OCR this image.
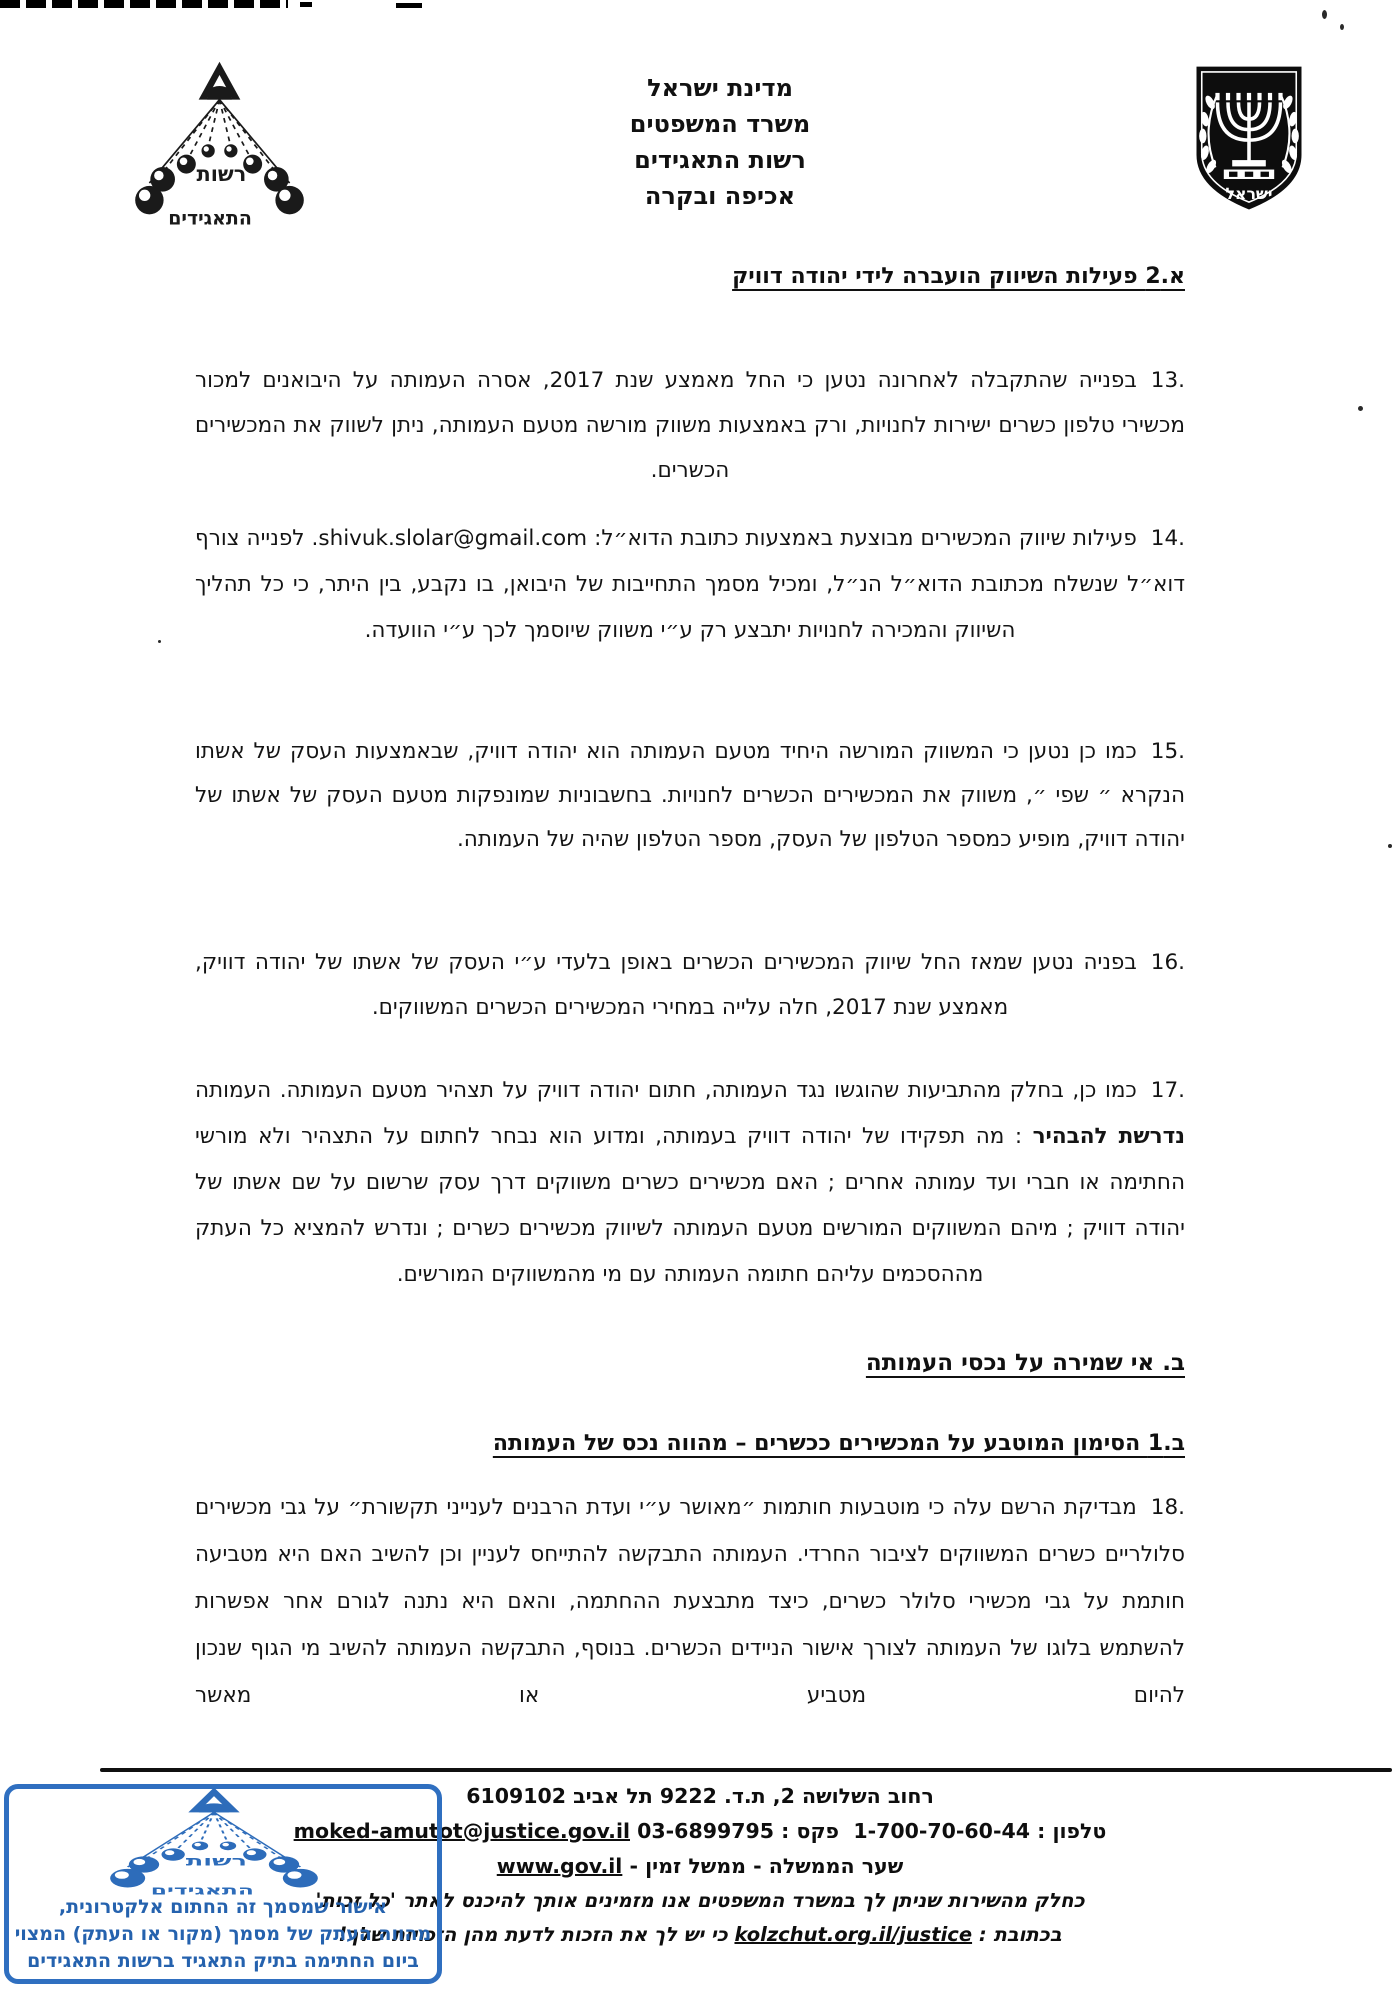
רשות
התאגידים
מדינת ישראל
משרד המשפטים
רשות התאגידים
אכיפה ובקרה	ישראל
א.2 פעילות השיווק הועברה לידי יהודה דוויק
13.בפנייה שהתקבלה לאחרונה נטען כי החל מאמצע שנת 2017, אסרה העמותה על היבואנים למכור מכשירי טלפון כשרים ישירות לחנויות, ורק באמצעות משווק מורשה מטעם העמותה, ניתן לשווק את המכשירים הכשרים.
14.פעילות שיווק המכשירים מבוצעת באמצעות כתובת הדוא״ל: shivuk.slolar@gmail.com. לפנייה צורף דוא״ל שנשלח מכתובת הדוא״ל הנ״ל, ומכיל מסמך התחייבות של היבואן, בו נקבע, בין היתר, כי כל תהליך השיווק והמכירה לחנויות יתבצע רק ע״י משווק שיוסמך לכך ע״י הוועדה.
15.כמו כן נטען כי המשווק המורשה היחיד מטעם העמותה הוא יהודה דוויק, שבאמצעות העסק של אשתו הנקרא ״ שפי ״, משווק את המכשירים הכשרים לחנויות. בחשבוניות שמונפקות מטעם העסק של אשתו של יהודה דוויק, מופיע כמספר הטלפון של העסק, מספר הטלפון שהיה של העמותה.
16.בפניה נטען שמאז החל שיווק המכשירים הכשרים באופן בלעדי ע״י העסק של אשתו של יהודה דוויק, מאמצע שנת 2017, חלה עלייה במחירי המכשירים הכשרים המשווקים.
17.כמו כן, בחלק מהתביעות שהוגשו נגד העמותה, חתום יהודה דוויק על תצהיר מטעם העמותה. העמותה נדרשת להבהיר : מה תפקידו של יהודה דוויק בעמותה, ומדוע הוא נבחר לחתום על התצהיר ולא מורשי החתימה או חברי ועד עמותה אחרים ; האם מכשירים כשרים משווקים דרך עסק שרשום על שם אשתו של יהודה דוויק ; מיהם המשווקים המורשים מטעם העמותה לשיווק מכשירים כשרים ; ונדרש להמציא כל העתק מההסכמים עליהם חתומה העמותה עם מי מהמשווקים המורשים.
ב. אי שמירה על נכסי העמותה
ב.1 הסימון המוטבע על המכשירים ככשרים – מהווה נכס של העמותה
18.מבדיקת הרשם עלה כי מוטבעות חותמות ״מאושר ע״י ועדת הרבנים לענייני תקשורת״ על גבי מכשירים סלולריים כשרים המשווקים לציבור החרדי. העמותה התבקשה להתייחס לעניין וכן להשיב האם היא מטביעה חותמת על גבי מכשירי סלולר כשרים, כיצד מתבצעת ההחתמה, והאם היא נתנה לגורם אחר אפשרות להשתמש בלוגו של העמותה לצורך אישור הניידים הכשרים. בנוסף, התבקשה העמותה להשיב מי הגוף שנכון להיום מטביע או מאשר
רחוב השלושה 2, ת.ד. 9222 תל אביב 6109102
טלפון : 1-700-70-60-44  פקס : 03-6899795 moked-amutot@justice.gov.il
שער הממשלה - ממשל זמין - www.gov.il
כחלק מהשירות שניתן לך במשרד המשפטים אנו מזמינים אותך להיכנס לאתר 'כל זכות'
בכתובת : kolzchut.org.il/justice כי יש לך את הזכות לדעת מהן הזכויות שלך!
רשות
התאגידים
אישור שמסמך זה החתום אלקטרונית,
מהווה העתק של מסמך (מקור או העתק) המצוי
ביום החתימה בתיק התאגיד ברשות התאגידים
